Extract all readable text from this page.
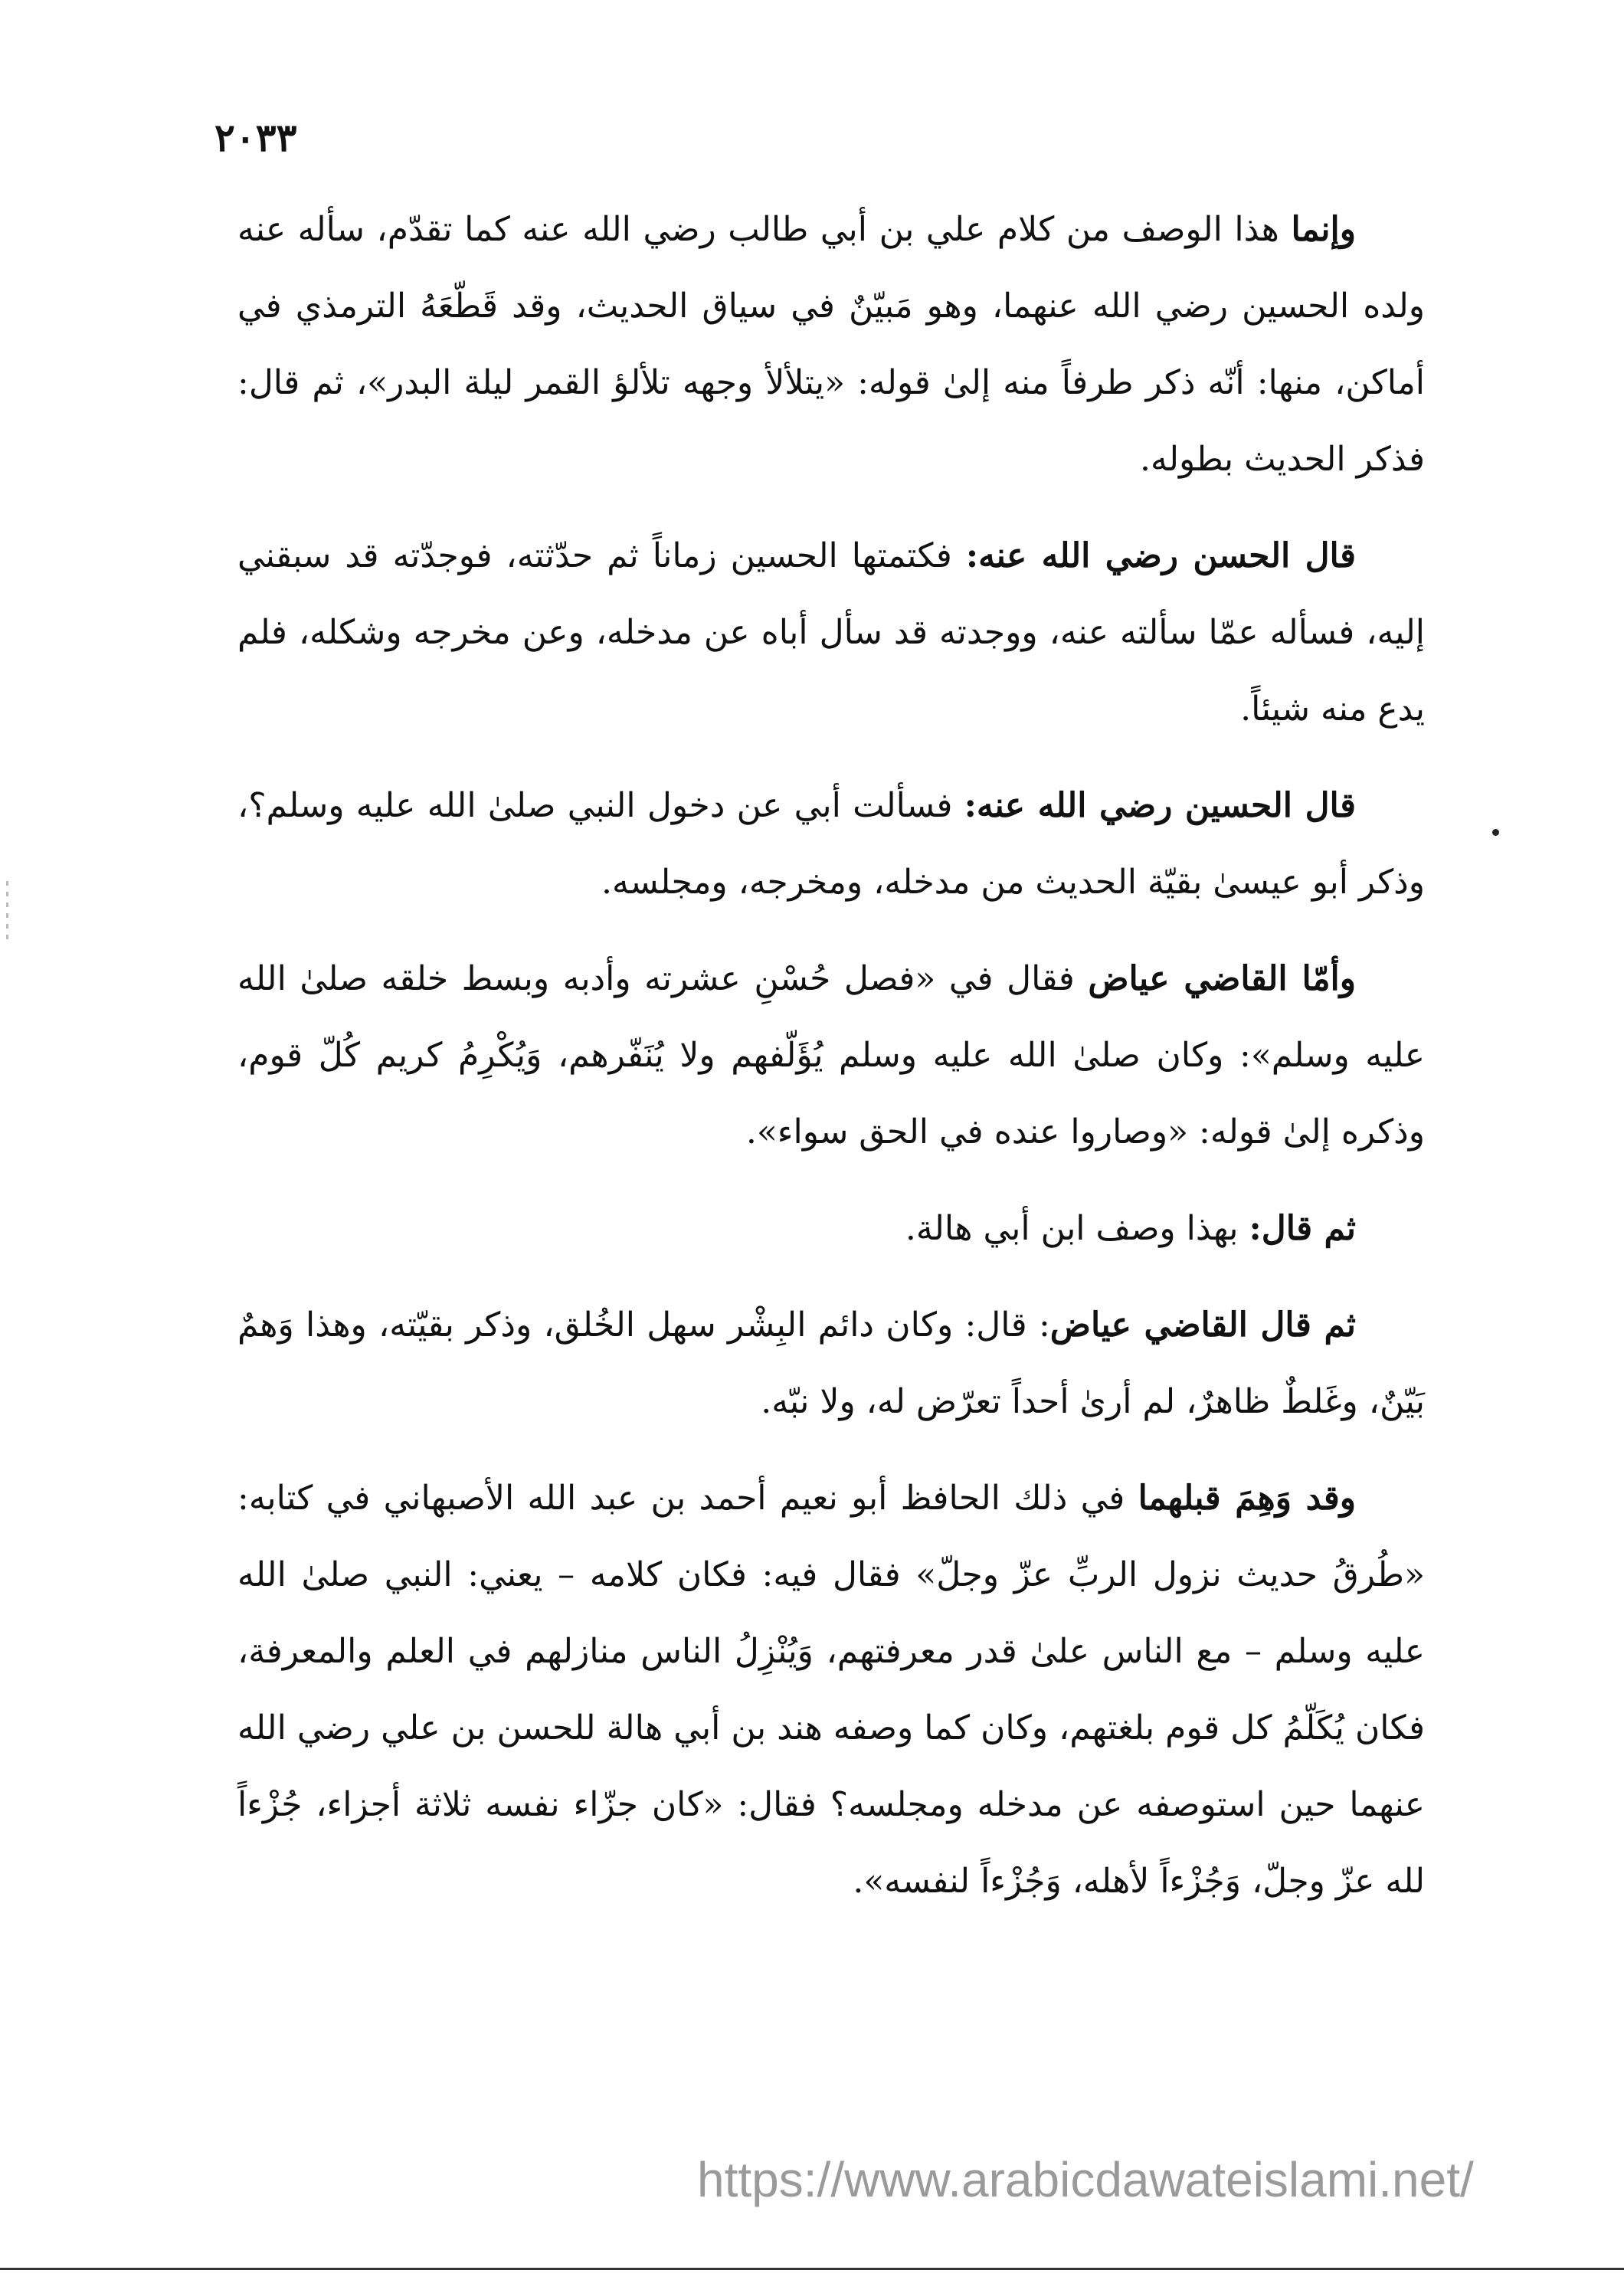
٢٠٣٣

وإنما هذا الوصف من كلام علي بن أبي طالب رضي الله عنه كما تقدّم، سأله عنه ولده الحسين رضي الله عنهما، وهو مَبيّنٌ في سياق الحديث، وقد قَطّعَهُ الترمذي في أماكن، منها: أنّه ذكر طرفاً منه إلىٰ قوله: «يتلألأ وجهه تلألؤ القمر ليلة البدر»، ثم قال: فذكر الحديث بطوله.

قال الحسن رضي الله عنه: فكتمتها الحسين زماناً ثم حدّثته، فوجدّته قد سبقني إليه، فسأله عمّا سألته عنه، ووجدته قد سأل أباه عن مدخله، وعن مخرجه وشكله، فلم يدع منه شيئاً.

قال الحسين رضي الله عنه: فسألت أبي عن دخول النبي صلىٰ الله عليه وسلم؟، وذكر أبو عيسىٰ بقيّة الحديث من مدخله، ومخرجه، ومجلسه.

وأمّا القاضي عياض فقال في «فصل حُسْنِ عشرته وأدبه وبسط خلقه صلىٰ الله عليه وسلم»: وكان صلىٰ الله عليه وسلم يُؤَلّفهم ولا يُنَفّرهم، وَيُكْرِمُ كريم كُلّ قوم، وذكره إلىٰ قوله: «وصاروا عنده في الحق سواء».

ثم قال: بهذا وصف ابن أبي هالة.

ثم قال القاضي عياض: قال: وكان دائم البِشْر سهل الخُلق، وذكر بقيّته، وهذا وَهمٌ بَيّنٌ، وغَلطٌ ظاهرٌ، لم أرىٰ أحداً تعرّض له، ولا نبّه.

وقد وَهِمَ قبلهما في ذلك الحافظ أبو نعيم أحمد بن عبد الله الأصبهاني في كتابه: «طُرقُ حديث نزول الربِّ عزّ وجلّ» فقال فيه: فكان كلامه – يعني: النبي صلىٰ الله عليه وسلم – مع الناس علىٰ قدر معرفتهم، وَيُنْزِلُ الناس منازلهم في العلم والمعرفة، فكان يُكَلّمُ كل قوم بلغتهم، وكان كما وصفه هند بن أبي هالة للحسن بن علي رضي الله عنهما حين استوصفه عن مدخله ومجلسه؟ فقال: «كان جزّاء نفسه ثلاثة أجزاء، جُزْءاً لله عزّ وجلّ، وَجُزْءاً لأهله، وَجُزْءاً لنفسه».

https://www.arabicdawateislami.net/
